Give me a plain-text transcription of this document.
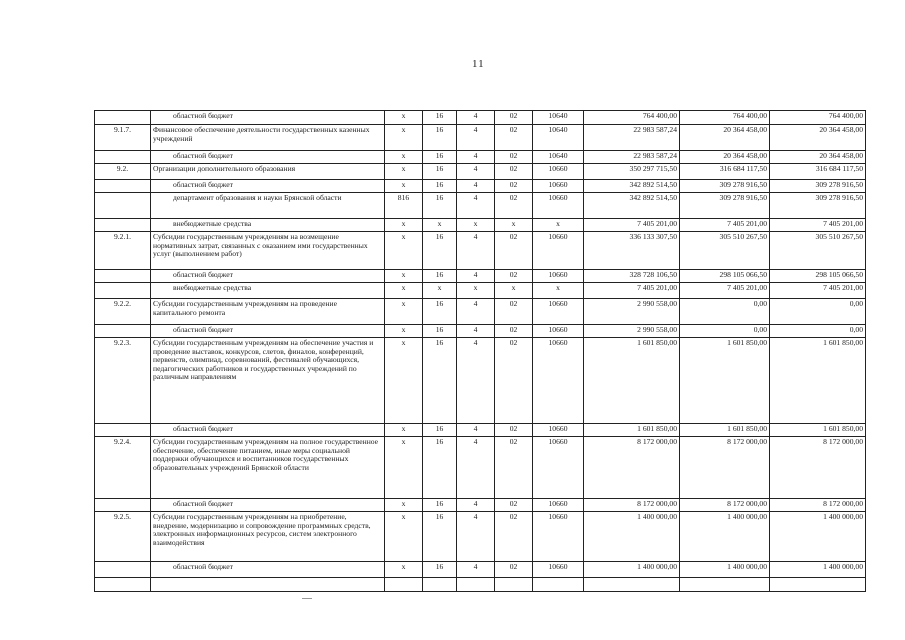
11
	областной бюджет	x	16	4	02	10640	764 400,00	764 400,00	764 400,00
9.1.7.	Финансовое обеспечение деятельности государственных казенных учреждений	x	16	4	02	10640	22 983 587,24	20 364 458,00	20 364 458,00
	областной бюджет	x	16	4	02	10640	22 983 587,24	20 364 458,00	20 364 458,00
9.2.	Организации дополнительного образования	x	16	4	02	10660	350 297 715,50	316 684 117,50	316 684 117,50
	областной бюджет	x	16	4	02	10660	342 892 514,50	309 278 916,50	309 278 916,50
	департамент образования и науки Брянской области	816	16	4	02	10660	342 892 514,50	309 278 916,50	309 278 916,50
	внебюджетные средства	x	x	x	x	x	7 405 201,00	7 405 201,00	7 405 201,00
9.2.1.	Субсидии государственным учреждениям на возмещение нормативных затрат, связанных с оказанием ими государственных услуг (выполнением работ)	x	16	4	02	10660	336 133 307,50	305 510 267,50	305 510 267,50
	областной бюджет	x	16	4	02	10660	328 728 106,50	298 105 066,50	298 105 066,50
	внебюджетные средства	x	x	x	x	x	7 405 201,00	7 405 201,00	7 405 201,00
9.2.2.	Субсидии государственным учреждениям на проведение капитального ремонта	x	16	4	02	10660	2 990 558,00	0,00	0,00
	областной бюджет	x	16	4	02	10660	2 990 558,00	0,00	0,00
9.2.3.	Субсидии государственным учреждениям на обеспечение участия и проведение выставок, конкурсов, слетов, финалов, конференций, первенств, олимпиад, соревнований, фестивалей обучающихся, педагогических работников и государственных учреждений по различным направлениям	x	16	4	02	10660	1 601 850,00	1 601 850,00	1 601 850,00
	областной бюджет	x	16	4	02	10660	1 601 850,00	1 601 850,00	1 601 850,00
9.2.4.	Субсидии государственным учреждениям на полное государственное обеспечение, обеспечение питанием, иные меры социальной поддержки обучающихся и воспитанников государственных образовательных учреждений Брянской области	x	16	4	02	10660	8 172 000,00	8 172 000,00	8 172 000,00
	областной бюджет	x	16	4	02	10660	8 172 000,00	8 172 000,00	8 172 000,00
9.2.5.	Субсидии государственным учреждениям на приобретение, внедрение, модернизацию и сопровождение программных средств, электронных информационных ресурсов, систем электронного взаимодействия	x	16	4	02	10660	1 400 000,00	1 400 000,00	1 400 000,00
	областной бюджет	x	16	4	02	10660	1 400 000,00	1 400 000,00	1 400 000,00
